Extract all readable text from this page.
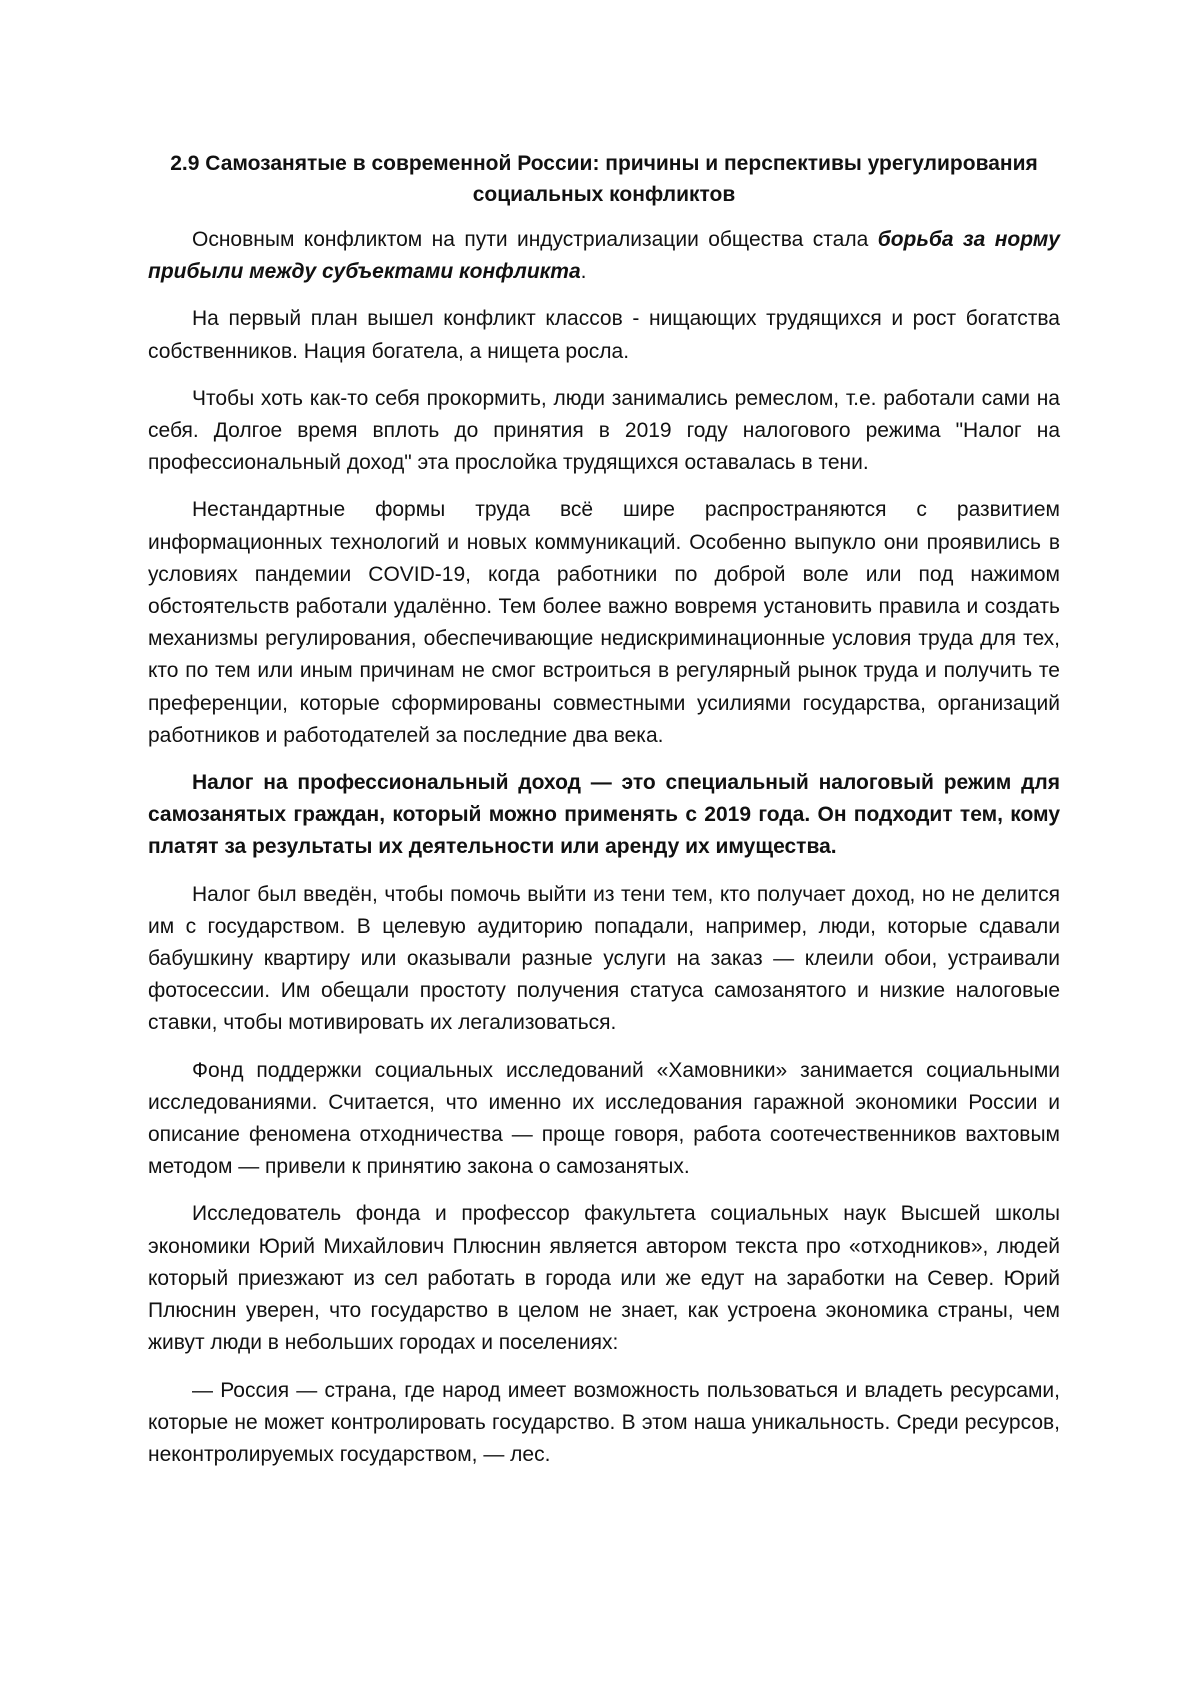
2.9 Самозанятые в современной России: причины и перспективы урегулирования
социальных конфликтов

Основным конфликтом на пути индустриализации общества стала борьба за норму прибыли между субъектами конфликта.

На первый план вышел конфликт классов - нищающих трудящихся и рост богатства собственников. Нация богатела, а нищета росла.

Чтобы хоть как-то себя прокормить, люди занимались ремеслом, т.е. работали сами на себя. Долгое время вплоть до принятия в 2019 году налогового режима "Налог на профессиональный доход" эта прослойка трудящихся оставалась в тени.

Нестандартные формы труда всё шире распространяются с развитием информационных технологий и новых коммуникаций. Особенно выпукло они проявились в условиях пандемии COVID-19, когда работники по доброй воле или под нажимом обстоятельств работали удалённо. Тем более важно вовремя установить правила и создать механизмы регулирования, обеспечивающие недискриминационные условия труда для тех, кто по тем или иным причинам не смог встроиться в регулярный рынок труда и получить те преференции, которые сформированы совместными усилиями государства, организаций работников и работодателей за последние два века.

Налог на профессиональный доход — это специальный налоговый режим для самозанятых граждан, который можно применять с 2019 года. Он подходит тем, кому платят за результаты их деятельности или аренду их имущества.

Налог был введён, чтобы помочь выйти из тени тем, кто получает доход, но не делится им с государством. В целевую аудиторию попадали, например, люди, которые сдавали бабушкину квартиру или оказывали разные услуги на заказ — клеили обои, устраивали фотосессии. Им обещали простоту получения статуса самозанятого и низкие налоговые ставки, чтобы мотивировать их легализоваться.

Фонд поддержки социальных исследований «Хамовники» занимается социальными исследованиями. Считается, что именно их исследования гаражной экономики России и описание феномена отходничества — проще говоря, работа соотечественников вахтовым методом — привели к принятию закона о самозанятых.

Исследователь фонда и профессор факультета социальных наук Высшей школы экономики Юрий Михайлович Плюснин является автором текста про «отходников», людей который приезжают из сел работать в города или же едут на заработки на Север. Юрий Плюснин уверен, что государство в целом не знает, как устроена экономика страны, чем живут люди в небольших городах и поселениях:

— Россия — страна, где народ имеет возможность пользоваться и владеть ресурсами, которые не может контролировать государство. В этом наша уникальность. Среди ресурсов, неконтролируемых государством, — лес.
